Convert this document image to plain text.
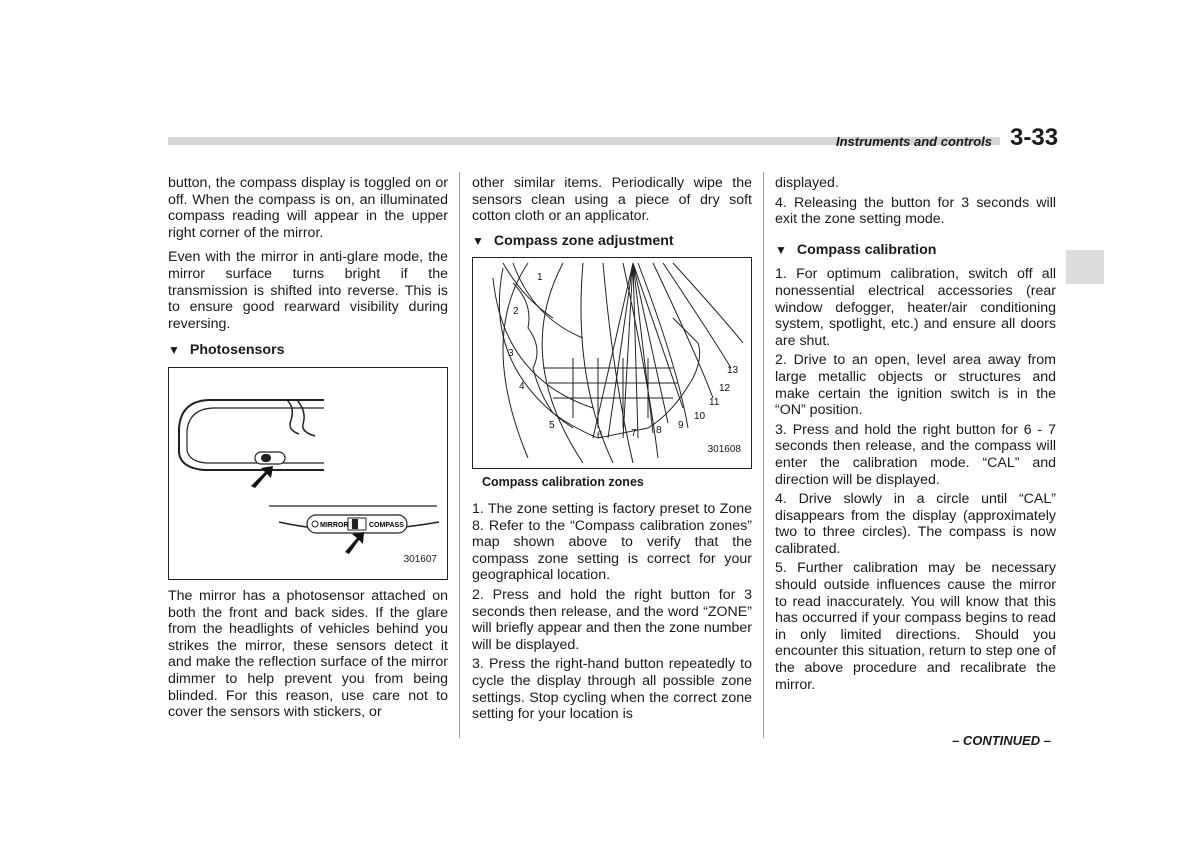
Instruments and controls 3-33

button, the compass display is toggled on or off. When the compass is on, an illuminated compass reading will appear in the upper right corner of the mirror.

Even with the mirror in anti-glare mode, the mirror surface turns bright if the transmission is shifted into reverse. This is to ensure good rearward visibility during reversing.

▼ Photosensors
MIRROR	COMPASS
301607

The mirror has a photosensor attached on both the front and back sides. If the glare from the headlights of vehicles behind you strikes the mirror, these sensors detect it and make the reflection surface of the mirror dimmer to help prevent you from being blinded. For this reason, use care not to cover the sensors with stickers, or

other similar items. Periodically wipe the sensors clean using a piece of dry soft cotton cloth or an applicator.

▼ Compass zone adjustment
1
2
3
4
5
6	7 8 9
10
11
12
13
301608
Compass calibration zones

1. The zone setting is factory preset to Zone 8. Refer to the “Compass calibration zones” map shown above to verify that the compass zone setting is correct for your geographical location.

2. Press and hold the right button for 3 seconds then release, and the word “ZONE” will briefly appear and then the zone number will be displayed.

3. Press the right-hand button repeatedly to cycle the display through all possible zone settings. Stop cycling when the correct zone setting for your location is

displayed.

4. Releasing the button for 3 seconds will exit the zone setting mode.

▼ Compass calibration

1. For optimum calibration, switch off all nonessential electrical accessories (rear window defogger, heater/air conditioning system, spotlight, etc.) and ensure all doors are shut.

2. Drive to an open, level area away from large metallic objects or structures and make certain the ignition switch is in the “ON” position.

3. Press and hold the right button for 6 - 7 seconds then release, and the compass will enter the calibration mode. “CAL” and direction will be displayed.

4. Drive slowly in a circle until “CAL” disappears from the display (approximately two to three circles). The compass is now calibrated.

5. Further calibration may be necessary should outside influences cause the mirror to read inaccurately. You will know that this has occurred if your compass begins to read in only limited directions. Should you encounter this situation, return to step one of the above procedure and recalibrate the mirror.

– CONTINUED –
